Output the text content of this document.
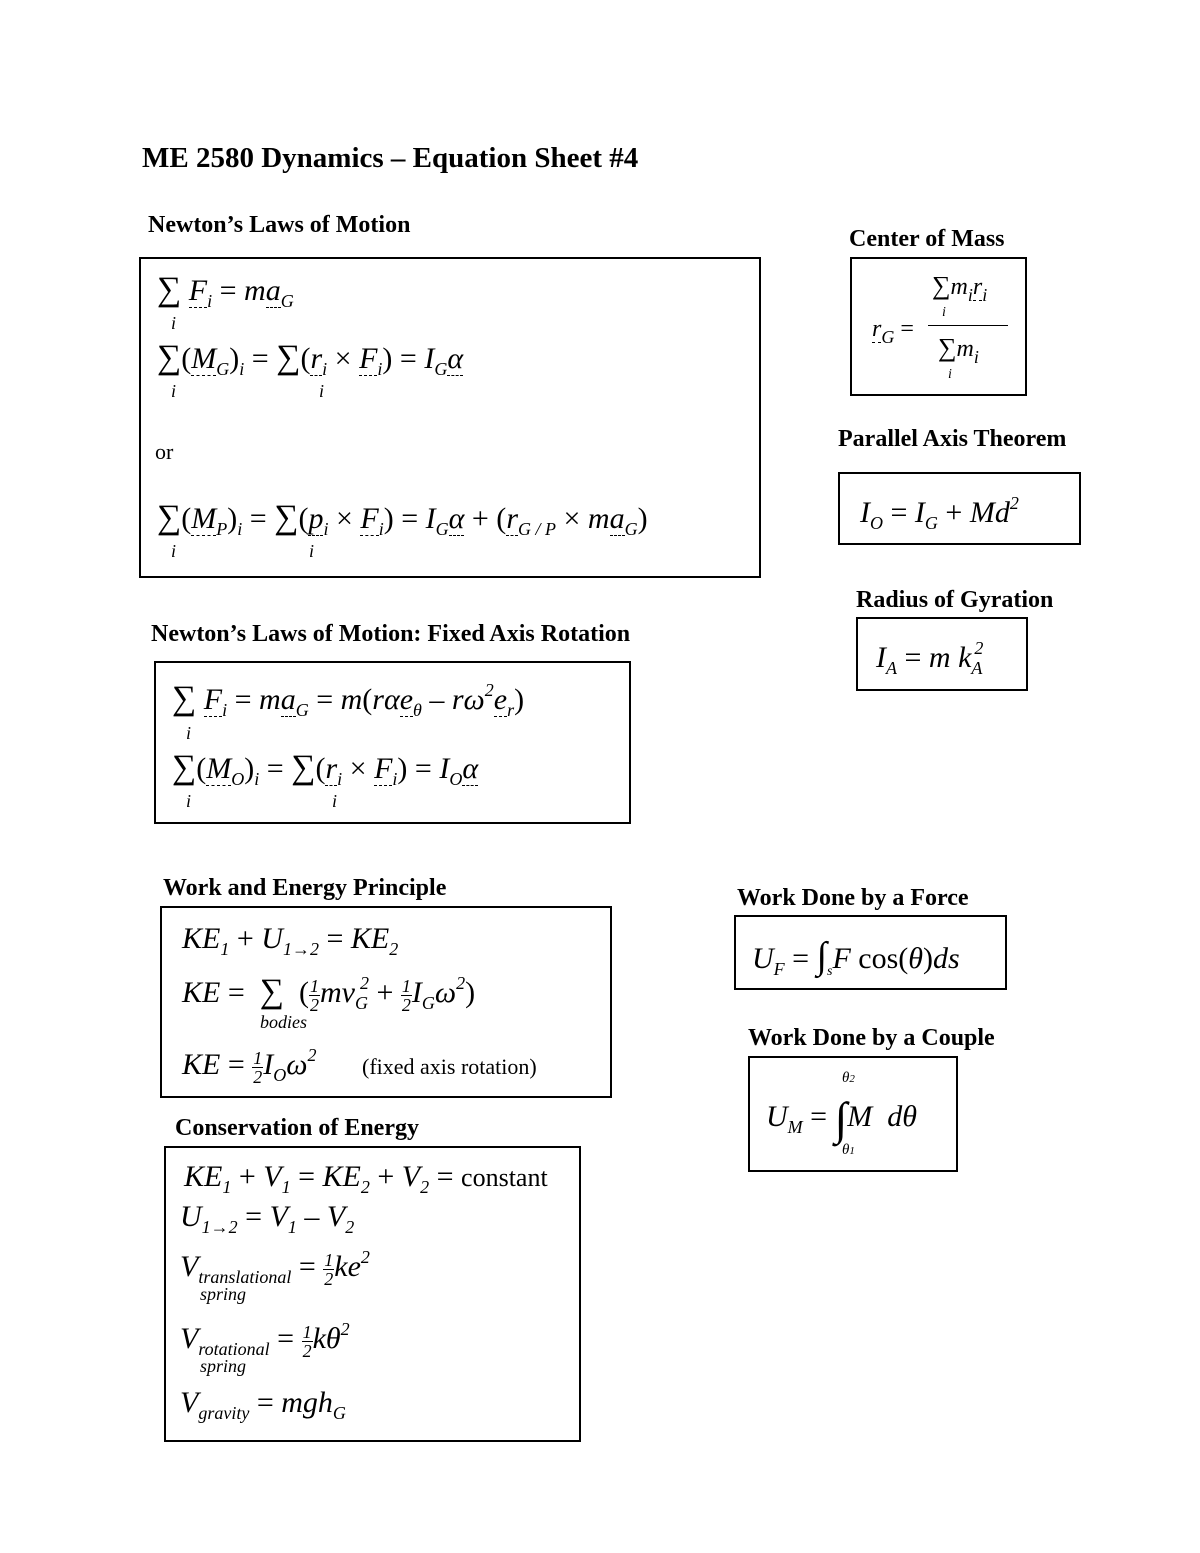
ME 2580 Dynamics – Equation Sheet #4
Newton’s Laws of Motion
∑ $F_i = ma_G$
i
$\sum(M_G)_i = \sum(r_i \times F_i) = I_G\alpha$
i	i
or
$\sum(M_P)_i = \sum(p_i \times F_i) = I_G\alpha + (r_{G / P} \times ma_G)$
i	i
Center of Mass
$r_G$ =
$\sum m_ir_i$
i
$\sum m_i$
i
Parallel Axis Theorem
$I_O = I_G + Md^2$
Radius of Gyration
$I_A = m$ $k_A^2$
Newton’s Laws of Motion: Fixed Axis Rotation
∑ $F_i = ma_G = m(r\alpha e_\theta - r\omega^2e_r)$
i
$\sum(M_O)_i = \sum(r_i \times F_i) = I_O\alpha$
i	i
Work and Energy Principle
$KE_1 + U_{1\to 2} = KE_2$
KE = ∑ ( $\frac{1}{2} mv_G^2 + \frac{1}{2} I_G\omega^2$)
bodies
KE = $\frac{1}{2} I_O\omega^2$ (fixed axis rotation)
Work Done by a Force
$U_F = \int_sF$ cos(θ)ds
Work Done by a Couple
θ2
$U_M = \int M$  dθ
θ1
Conservation of Energy
$KE_1 + V_1 = KE_2 + V_2$ = constant
$U_{1\to 2} = V_1 - V_2$
$V_{translational} = \frac{1}{2} ke^2$
spring
$V_{rotational} = \frac{1}{2} k\theta^2$
spring
$V_{gravity} = mgh_G$
